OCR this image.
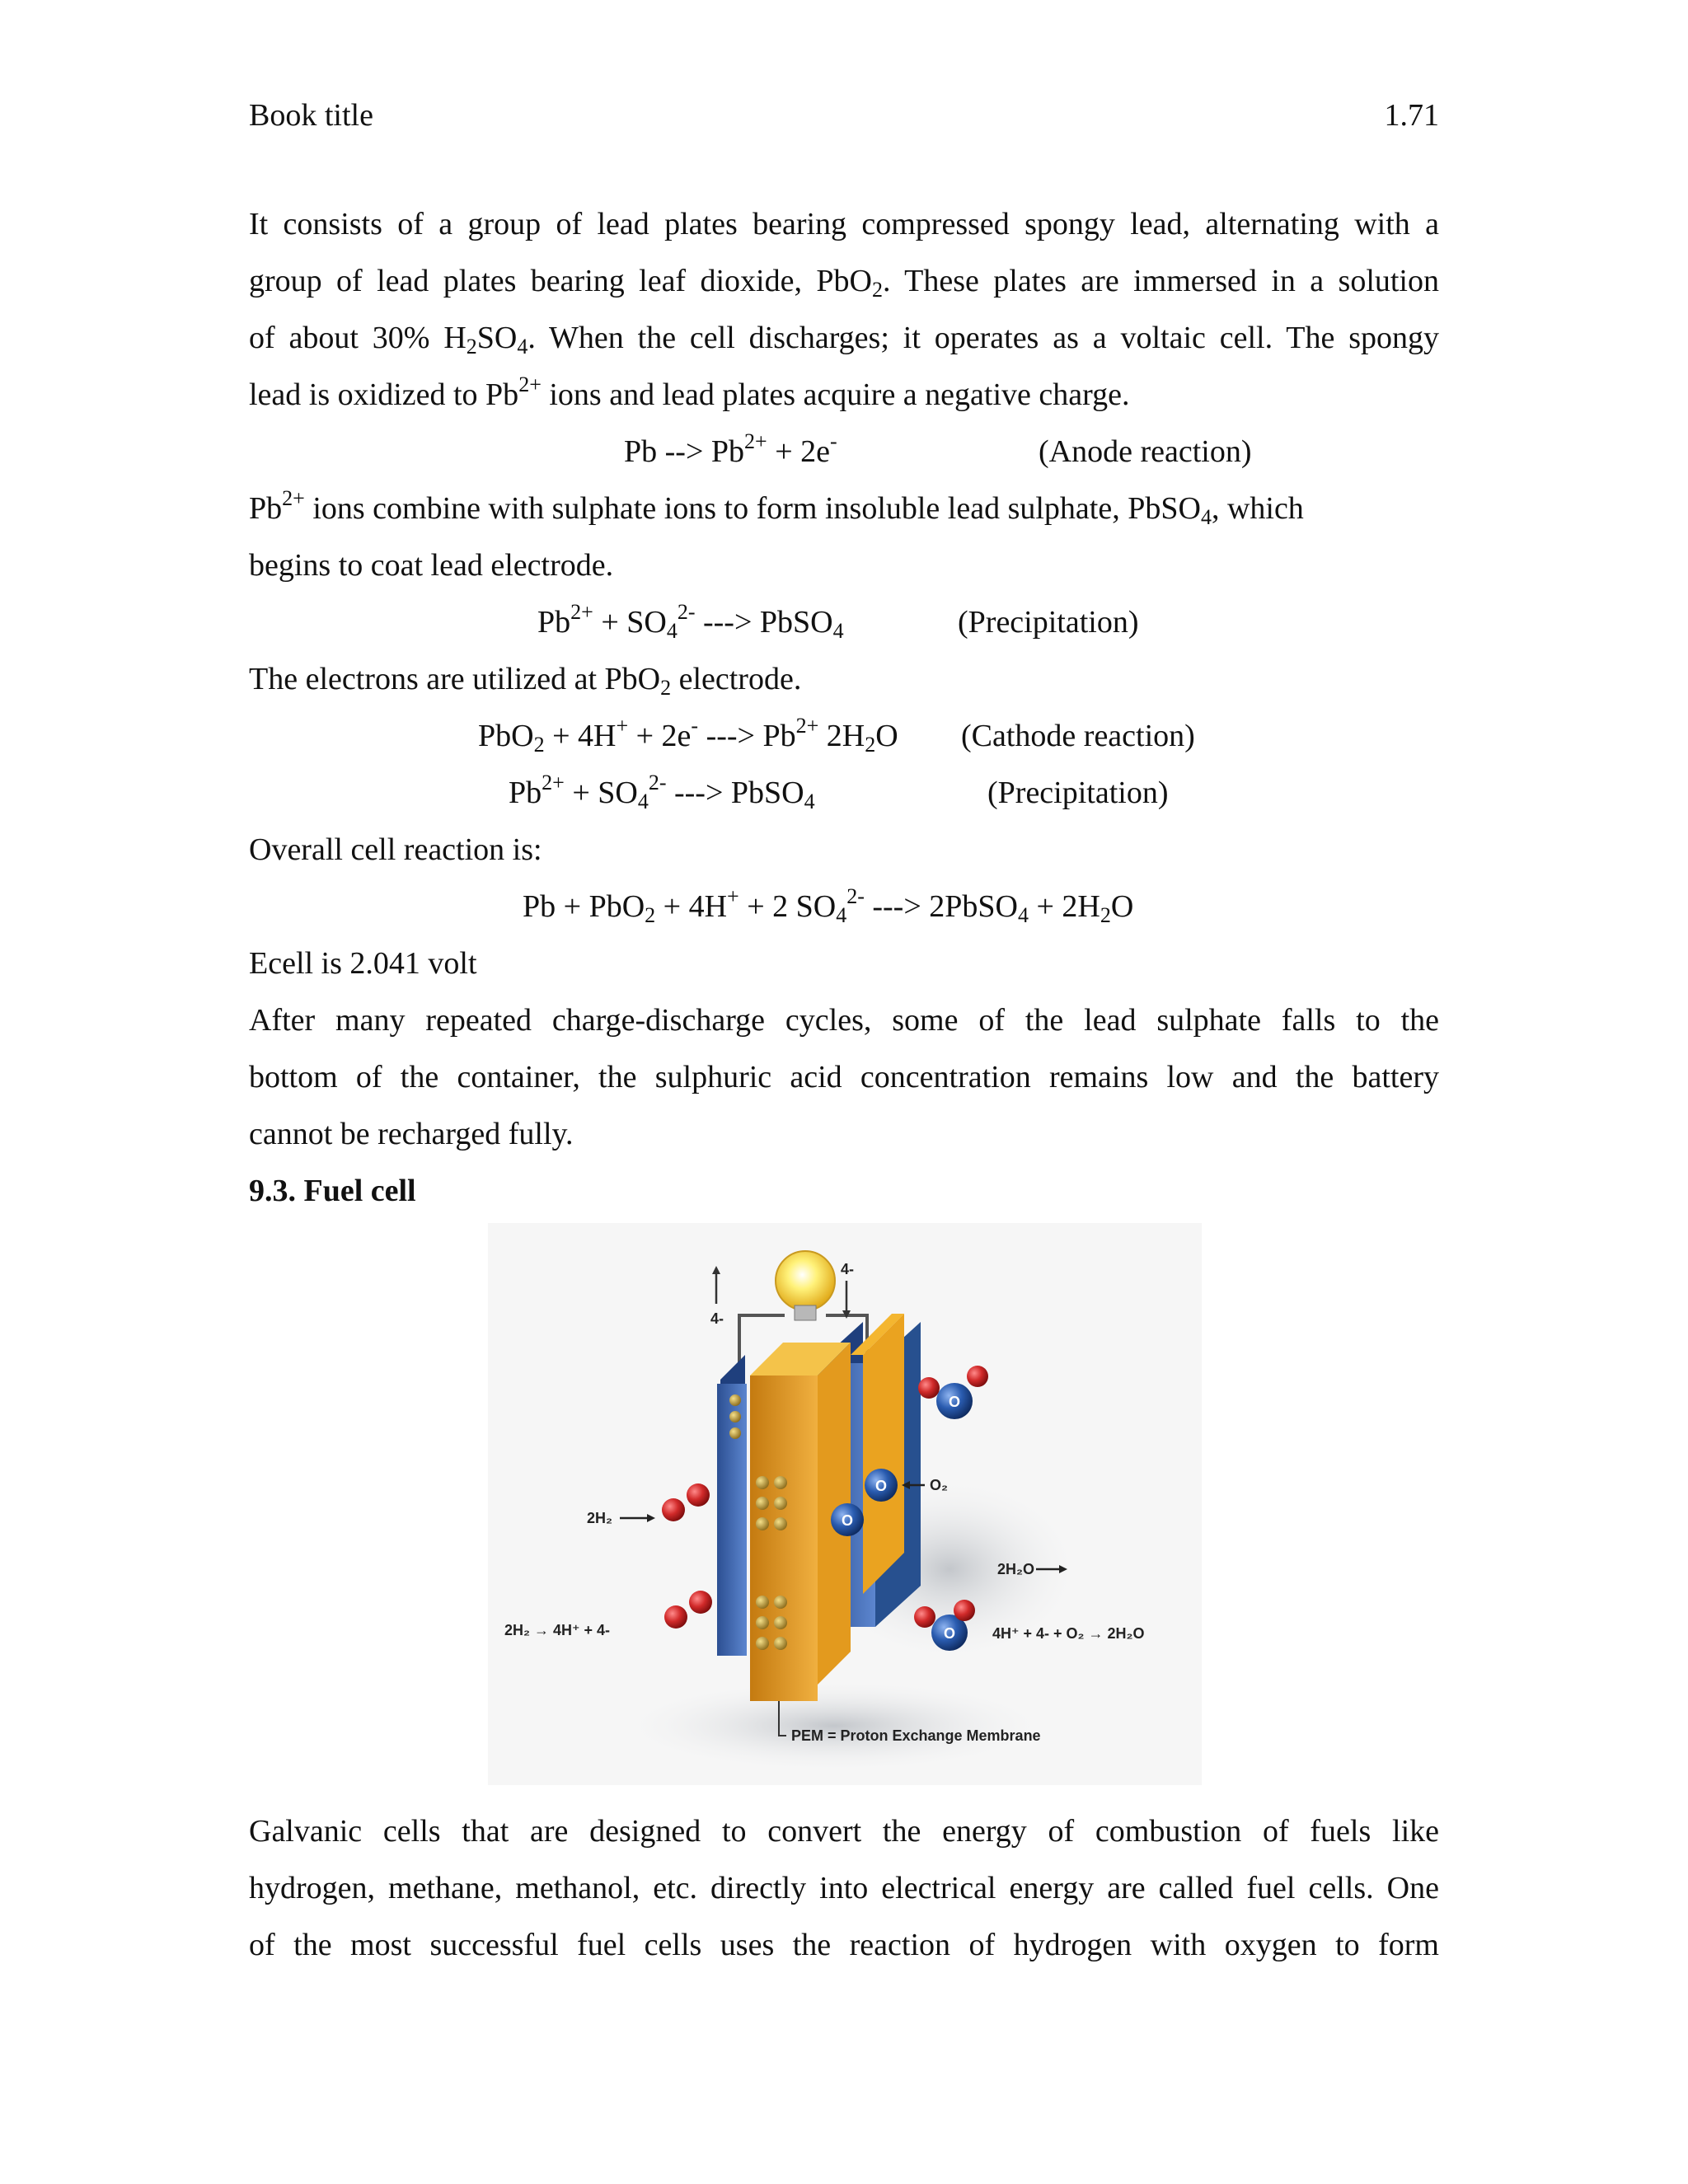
Book title	1.71
It consists of a group of lead plates bearing compressed spongy lead, alternating with a
group of lead plates bearing leaf dioxide, PbO$_2$. These plates are immersed in a solution
of about 30% $H_2SO_4$. When the cell discharges; it operates as a voltaic cell. The spongy
lead is oxidized to $Pb^{2+}$ ions and lead plates acquire a negative charge.
Pb --> $Pb^{2+} + 2e^-$	(Anode reaction)
$Pb^{2+}$ ions combine with sulphate ions to form insoluble lead sulphate, PbSO$_4$, which
begins to coat lead electrode.
$Pb^{2+} + SO_4^{2-}$ ---> PbSO$_4$	(Precipitation)
The electrons are utilized at PbO$_2$ electrode.
PbO$_2$ + 4H+ + 2e- ---> $Pb^{2+}$ $2H_2O$ (Cathode reaction)
$Pb^{2+} + SO_4^{2-}$ ---> PbSO$_4$	(Precipitation)
Overall cell reaction is:
Pb + PbO$_2$ + 4H+ + 2 $SO_4^{2-}$ ---> 2PbSO$_4$ + $2H_2O$
Ecell is 2.041 volt
After many repeated charge-discharge cycles, some of the lead sulphate falls to the
bottom of the container, the sulphuric acid concentration remains low and the battery
cannot be recharged fully.
9.3. Fuel cell
4-
4-
2H₂
2H₂ → 4H⁺ + 4-
O
O
O₂
O
O
2H₂O
4H⁺ + 4- + O₂ → 2H₂O
PEM = Proton Exchange Membrane
Galvanic cells that are designed to convert the energy of combustion of fuels like
hydrogen, methane, methanol, etc. directly into electrical energy are called fuel cells. One
of the most successful fuel cells uses the reaction of hydrogen with oxygen to form
